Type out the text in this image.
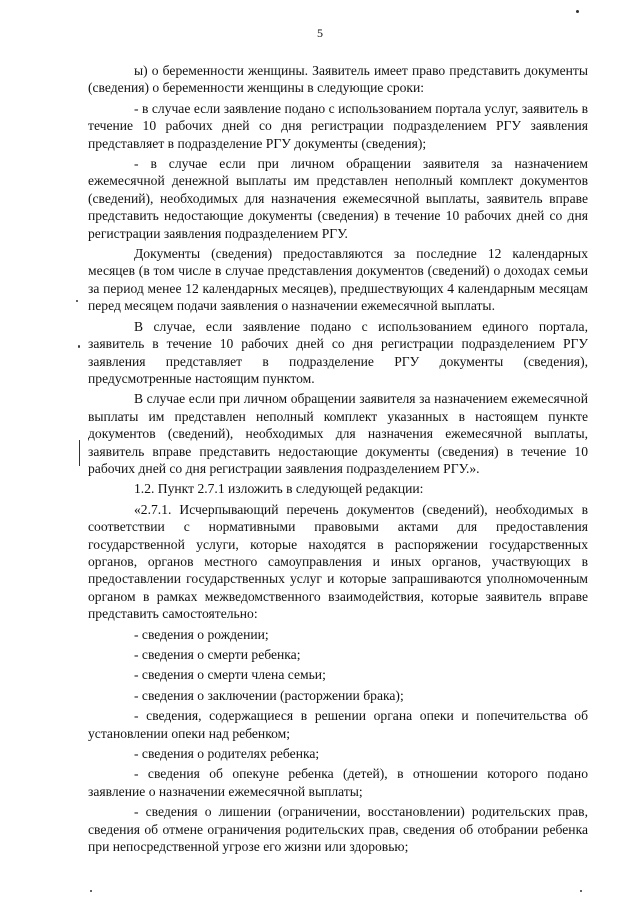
5

ы) о беременности женщины. Заявитель имеет право представить документы (сведения) о беременности женщины в следующие сроки:

- в случае если заявление подано с использованием портала услуг, заявитель в течение 10 рабочих дней со дня регистрации подразделением РГУ заявления представляет в подразделение РГУ документы (сведения);

- в случае если при личном обращении заявителя за назначением ежемесячной денежной выплаты им представлен неполный комплект документов (сведений), необходимых для назначения ежемесячной выплаты, заявитель вправе представить недостающие документы (сведения) в течение 10 рабочих дней со дня регистрации заявления подразделением РГУ.

Документы (сведения) предоставляются за последние 12 календарных месяцев (в том числе в случае представления документов (сведений) о доходах семьи за период менее 12 календарных месяцев), предшествующих 4 календарным месяцам перед месяцем подачи заявления о назначении ежемесячной выплаты.

В случае, если заявление подано с использованием единого портала, заявитель в течение 10 рабочих дней со дня регистрации подразделением РГУ заявления представляет в подразделение РГУ документы (сведения), предусмотренные настоящим пунктом.

В случае если при личном обращении заявителя за назначением ежемесячной выплаты им представлен неполный комплект указанных в настоящем пункте документов (сведений), необходимых для назначения ежемесячной выплаты, заявитель вправе представить недостающие документы (сведения) в течение 10 рабочих дней со дня регистрации заявления подразделением РГУ.».

1.2. Пункт 2.7.1 изложить в следующей редакции:

«2.7.1. Исчерпывающий перечень документов (сведений), необходимых в соответствии с нормативными правовыми актами для предоставления государственной услуги, которые находятся в распоряжении государственных органов, органов местного самоуправления и иных органов, участвующих в предоставлении государственных услуг и которые запрашиваются уполномоченным органом в рамках межведомственного взаимодействия, которые заявитель вправе представить самостоятельно:

- сведения о рождении;

- сведения о смерти ребенка;

- сведения о смерти члена семьи;

- сведения о заключении (расторжении брака);

- сведения, содержащиеся в решении органа опеки и попечительства об установлении опеки над ребенком;

- сведения о родителях ребенка;

- сведения об опекуне ребенка (детей), в отношении которого подано заявление о назначении ежемесячной выплаты;

- сведения о лишении (ограничении, восстановлении) родительских прав, сведения об отмене ограничения родительских прав, сведения об отобрании ребенка при непосредственной угрозе его жизни или здоровью;
